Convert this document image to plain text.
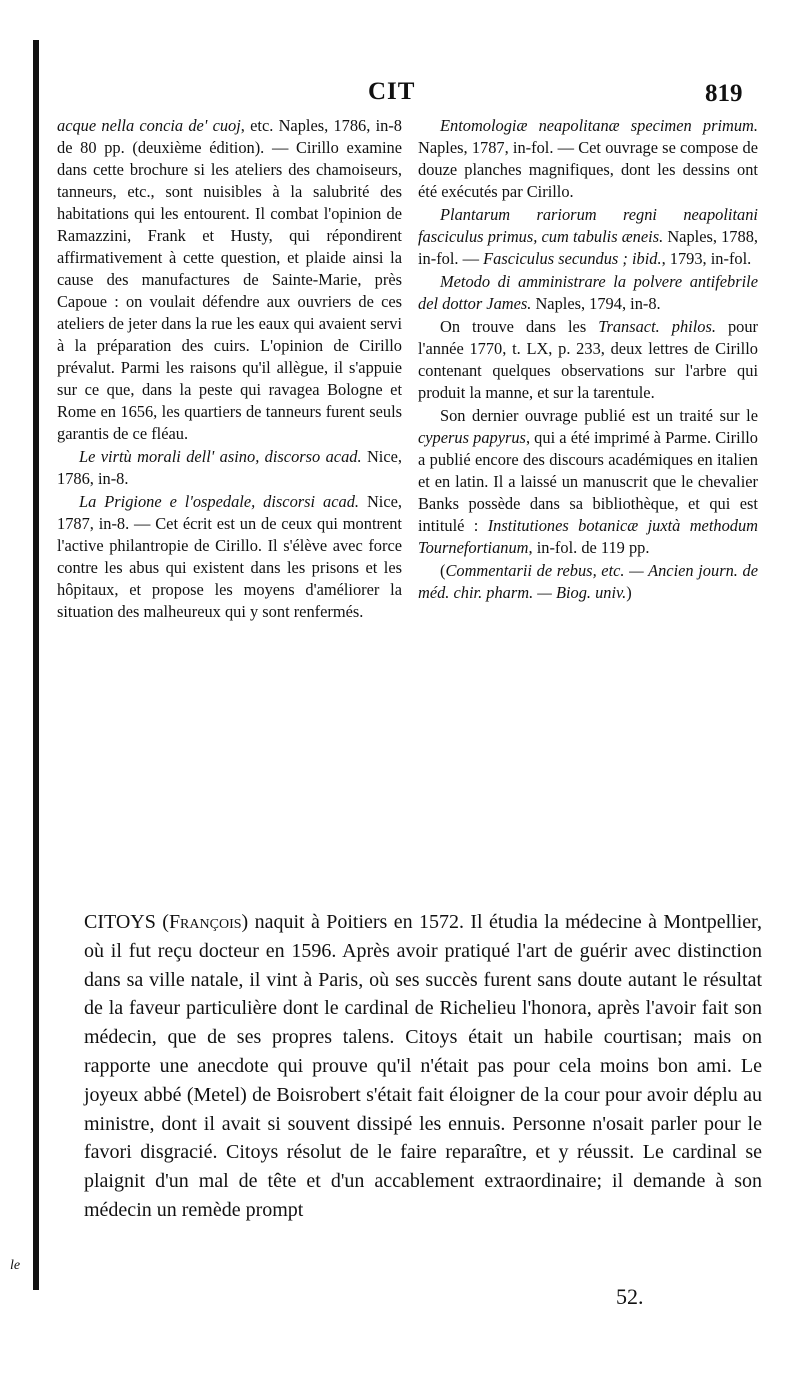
CIT	819

acque nella concia de' cuoj, etc. Naples, 1786, in-8 de 80 pp. (deuxième édition). — Cirillo examine dans cette brochure si les ateliers des chamoiseurs, tanneurs, etc., sont nuisibles à la salubrité des habitations qui les entourent. Il combat l'opinion de Ramazzini, Frank et Husty, qui répondirent affirmativement à cette question, et plaide ainsi la cause des manufactures de Sainte-Marie, près Capoue : on voulait défendre aux ouvriers de ces ateliers de jeter dans la rue les eaux qui avaient servi à la préparation des cuirs. L'opinion de Cirillo prévalut. Parmi les raisons qu'il allègue, il s'appuie sur ce que, dans la peste qui ravagea Bologne et Rome en 1656, les quartiers de tanneurs furent seuls garantis de ce fléau.

Le virtù morali dell' asino, discorso acad. Nice, 1786, in-8.

La Prigione e l'ospedale, discorsi acad. Nice, 1787, in-8. — Cet écrit est un de ceux qui montrent l'active philantropie de Cirillo. Il s'élève avec force contre les abus qui existent dans les prisons et les hôpitaux, et propose les moyens d'améliorer la situation des malheureux qui y sont renfermés.

Entomologiæ neapolitanæ specimen primum. Naples, 1787, in-fol. — Cet ouvrage se compose de douze planches magnifiques, dont les dessins ont été exécutés par Cirillo.

Plantarum rariorum regni neapolitani fasciculus primus, cum tabulis æneis. Naples, 1788, in-fol. — Fasciculus secundus ; ibid., 1793, in-fol.

Metodo di amministrare la polvere antifebrile del dottor James. Naples, 1794, in-8.

On trouve dans les Transact. philos. pour l'année 1770, t. LX, p. 233, deux lettres de Cirillo contenant quelques observations sur l'arbre qui produit la manne, et sur la tarentule.

Son dernier ouvrage publié est un traité sur le cyperus papyrus, qui a été imprimé à Parme. Cirillo a publié encore des discours académiques en italien et en latin. Il a laissé un manuscrit que le chevalier Banks possède dans sa bibliothèque, et qui est intitulé : Institutiones botanicæ juxtà methodum Tournefortianum, in-fol. de 119 pp.

(Commentarii de rebus, etc. — Ancien journ. de méd. chir. pharm. — Biog. univ.)

CITOYS (François) naquit à Poitiers en 1572. Il étudia la médecine à Montpellier, où il fut reçu docteur en 1596. Après avoir pratiqué l'art de guérir avec distinction dans sa ville natale, il vint à Paris, où ses succès furent sans doute autant le résultat de la faveur particulière dont le cardinal de Richelieu l'honora, après l'avoir fait son médecin, que de ses propres talens. Citoys était un habile courtisan; mais on rapporte une anecdote qui prouve qu'il n'était pas pour cela moins bon ami. Le joyeux abbé (Metel) de Boisrobert s'était fait éloigner de la cour pour avoir déplu au ministre, dont il avait si souvent dissipé les ennuis. Personne n'osait parler pour le favori disgracié. Citoys résolut de le faire reparaître, et y réussit. Le cardinal se plaignit d'un mal de tête et d'un accablement extraordinaire; il demande à son médecin un remède prompt

52.
le
